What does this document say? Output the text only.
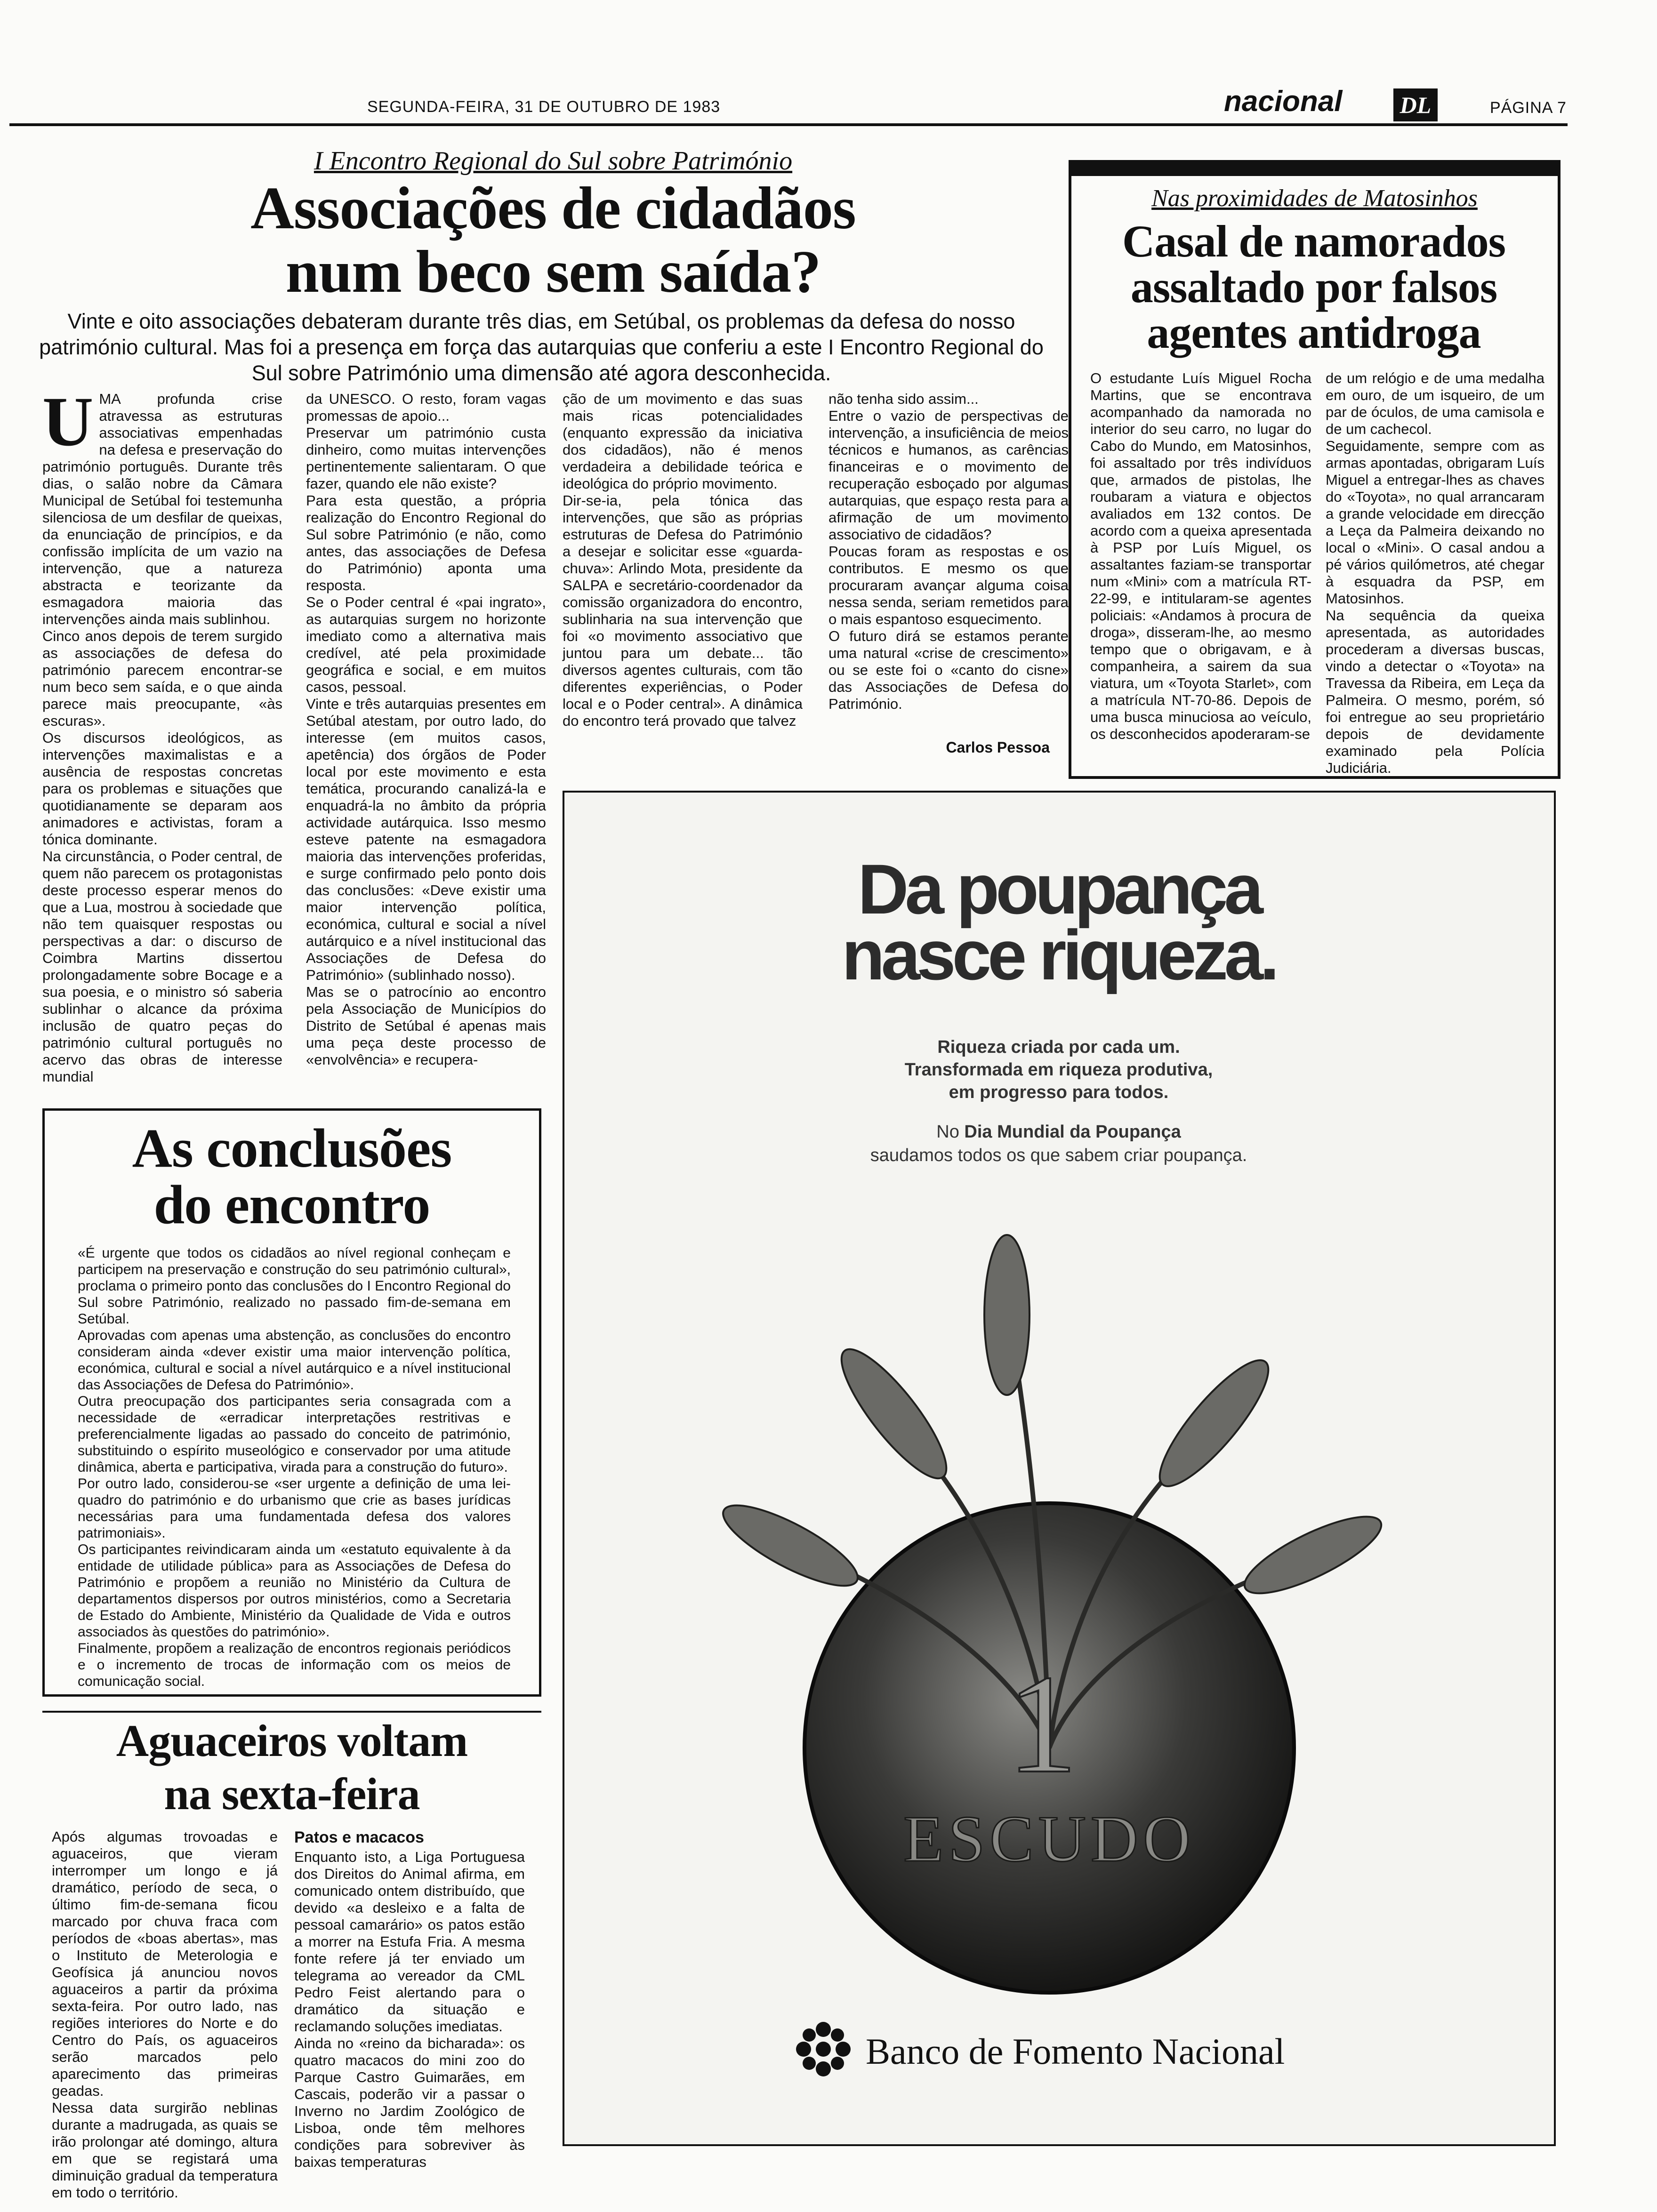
SEGUNDA-FEIRA, 31 DE OUTUBRO DE 1983	nacional DL	PÁGINA 7
I Encontro Regional do Sul sobre Património
Associações de cidadãos
num beco sem saída?
Vinte e oito associações debateram durante três dias, em Setúbal, os problemas da defesa do nosso património cultural. Mas foi a presença em força das autarquias que conferiu a este I Encontro Regional do Sul sobre Património uma dimensão até agora desconhecida.
U MA profunda crise atravessa as estruturas associativas empenhadas na defesa e preservação do património português. Durante três dias, o salão nobre da Câmara Municipal de Setúbal foi testemunha silenciosa de um desfilar de queixas, da enunciação de princípios, e da confissão implícita de um vazio na intervenção, que a natureza abstracta e teorizante da esmagadora maioria das intervenções ainda mais sublinhou.
Cinco anos depois de terem surgido as associações de defesa do património parecem encontrar-se num beco sem saída, e o que ainda parece mais preocupante, «às escuras».
Os discursos ideológicos, as intervenções maximalistas e a ausência de respostas concretas para os problemas e situações que quotidianamente se deparam aos animadores e activistas, foram a tónica dominante.
Na circunstância, o Poder central, de quem não parecem os protagonistas deste processo esperar menos do que a Lua, mostrou à sociedade que não tem quaisquer respostas ou perspectivas a dar: o discurso de Coimbra Martins dissertou prolongadamente sobre Bocage e a sua poesia, e o ministro só saberia sublinhar o alcance da próxima inclusão de quatro peças do património cultural português no acervo das obras de interesse mundial
da UNESCO. O resto, foram vagas promessas de apoio...
Preservar um património custa dinheiro, como muitas intervenções pertinentemente salientaram. O que fazer, quando ele não existe?
Para esta questão, a própria realização do Encontro Regional do Sul sobre Património (e não, como antes, das associações de Defesa do Património) aponta uma resposta.
Se o Poder central é «pai ingrato», as autarquias surgem no horizonte imediato como a alternativa mais credível, até pela proximidade geográfica e social, e em muitos casos, pessoal.
Vinte e três autarquias presentes em Setúbal atestam, por outro lado, do interesse (em muitos casos, apetência) dos órgãos de Poder local por este movimento e esta temática, procurando canalizá-la e enquadrá-la no âmbito da própria actividade autárquica. Isso mesmo esteve patente na esmagadora maioria das intervenções proferidas, e surge confirmado pelo ponto dois das conclusões: «Deve existir uma maior intervenção política, económica, cultural e social a nível autárquico e a nível institucional das Associações de Defesa do Património» (sublinhado nosso).
Mas se o patrocínio ao encontro pela Associação de Municípios do Distrito de Setúbal é apenas mais uma peça deste processo de «envolvência» e recupera-
ção de um movimento e das suas mais ricas potencialidades (enquanto expressão da iniciativa dos cidadãos), não é menos verdadeira a debilidade teórica e ideológica do próprio movimento.
Dir-se-ia, pela tónica das intervenções, que são as próprias estruturas de Defesa do Património a desejar e solicitar esse «guarda-chuva»: Arlindo Mota, presidente da SALPA e secretário-coordenador da comissão organizadora do encontro, sublinharia na sua intervenção que foi «o movimento associativo que juntou para um debate... tão diversos agentes culturais, com tão diferentes experiências, o Poder local e o Poder central». A dinâmica do encontro terá provado que talvez
não tenha sido assim...
Entre o vazio de perspectivas de intervenção, a insuficiência de meios técnicos e humanos, as carências financeiras e o movimento de recuperação esboçado por algumas autarquias, que espaço resta para a afirmação de um movimento associativo de cidadãos?
Poucas foram as respostas e os contributos. E mesmo os que procuraram avançar alguma coisa nessa senda, seriam remetidos para o mais espantoso esquecimento.
O futuro dirá se estamos perante uma natural «crise de crescimento» ou se este foi o «canto do cisne» das Associações de Defesa do Património.
Carlos Pessoa
Nas proximidades de Matosinhos
Casal de namorados assaltado por falsos agentes antidroga
O estudante Luís Miguel Rocha Martins, que se encontrava acompanhado da namorada no interior do seu carro, no lugar do Cabo do Mundo, em Matosinhos, foi assaltado por três indivíduos que, armados de pistolas, lhe roubaram a viatura e objectos avaliados em 132 contos. De acordo com a queixa apresentada à PSP por Luís Miguel, os assaltantes faziam-se transportar num «Mini» com a matrícula RT-22-99, e intitularam-se agentes policiais: «Andamos à procura de droga», disseram-lhe, ao mesmo tempo que o obrigavam, e à companheira, a sairem da sua viatura, um «Toyota Starlet», com a matrícula NT-70-86. Depois de uma busca minuciosa ao veículo, os desconhecidos apoderaram-se
de um relógio e de uma medalha em ouro, de um isqueiro, de um par de óculos, de uma camisola e de um cachecol.
Seguidamente, sempre com as armas apontadas, obrigaram Luís Miguel a entregar-lhes as chaves do «Toyota», no qual arrancaram a grande velocidade em direcção a Leça da Palmeira deixando no local o «Mini». O casal andou a pé vários quilómetros, até chegar à esquadra da PSP, em Matosinhos.
Na sequência da queixa apresentada, as autoridades procederam a diversas buscas, vindo a detectar o «Toyota» na Travessa da Ribeira, em Leça da Palmeira. O mesmo, porém, só foi entregue ao seu proprietário depois de devidamente examinado pela Polícia Judiciária.
As conclusões
do encontro
«É urgente que todos os cidadãos ao nível regional conheçam e participem na preservação e construção do seu património cultural», proclama o primeiro ponto das conclusões do I Encontro Regional do Sul sobre Património, realizado no passado fim-de-semana em Setúbal.
Aprovadas com apenas uma abstenção, as conclusões do encontro consideram ainda «dever existir uma maior intervenção política, económica, cultural e social a nível autárquico e a nível institucional das Associações de Defesa do Património».
Outra preocupação dos participantes seria consagrada com a necessidade de «erradicar interpretações restritivas e preferencialmente ligadas ao passado do conceito de património, substituindo o espírito museológico e conservador por uma atitude dinâmica, aberta e participativa, virada para a construção do futuro».
Por outro lado, considerou-se «ser urgente a definição de uma lei-quadro do património e do urbanismo que crie as bases jurídicas necessárias para uma fundamentada defesa dos valores patrimoniais».
Os participantes reivindicaram ainda um «estatuto equivalente à da entidade de utilidade pública» para as Associações de Defesa do Património e propõem a reunião no Ministério da Cultura de departamentos dispersos por outros ministérios, como a Secretaria de Estado do Ambiente, Ministério da Qualidade de Vida e outros associados às questões do património».
Finalmente, propõem a realização de encontros regionais periódicos e o incremento de trocas de informação com os meios de comunicação social.
Aguaceiros voltam
na sexta-feira
Após algumas trovoadas e aguaceiros, que vieram interromper um longo e já dramático, período de seca, o último fim-de-semana ficou marcado por chuva fraca com períodos de «boas abertas», mas o Instituto de Meterologia e Geofísica já anunciou novos aguaceiros a partir da próxima sexta-feira. Por outro lado, nas regiões interiores do Norte e do Centro do País, os aguaceiros serão marcados pelo aparecimento das primeiras geadas.
Nessa data surgirão neblinas durante a madrugada, as quais se irão prolongar até domingo, altura em que se registará uma diminuição gradual da temperatura em todo o território.
Patos e macacos
Enquanto isto, a Liga Portuguesa dos Direitos do Animal afirma, em comunicado ontem distribuído, que devido «a desleixo e a falta de pessoal camarário» os patos estão a morrer na Estufa Fria. A mesma fonte refere já ter enviado um telegrama ao vereador da CML Pedro Feist alertando para o dramático da situação e reclamando soluções imediatas.
Ainda no «reino da bicharada»: os quatro macacos do mini zoo do Parque Castro Guimarães, em Cascais, poderão vir a passar o Inverno no Jardim Zoológico de Lisboa, onde têm melhores condições para sobreviver às baixas temperaturas
Da poupança
nasce riqueza.
Riqueza criada por cada um.
Transformada em riqueza produtiva,
em progresso para todos.
No Dia Mundial da Poupança
saudamos todos os que sabem criar poupança.
1
ESCUDO
Banco de Fomento Nacional
